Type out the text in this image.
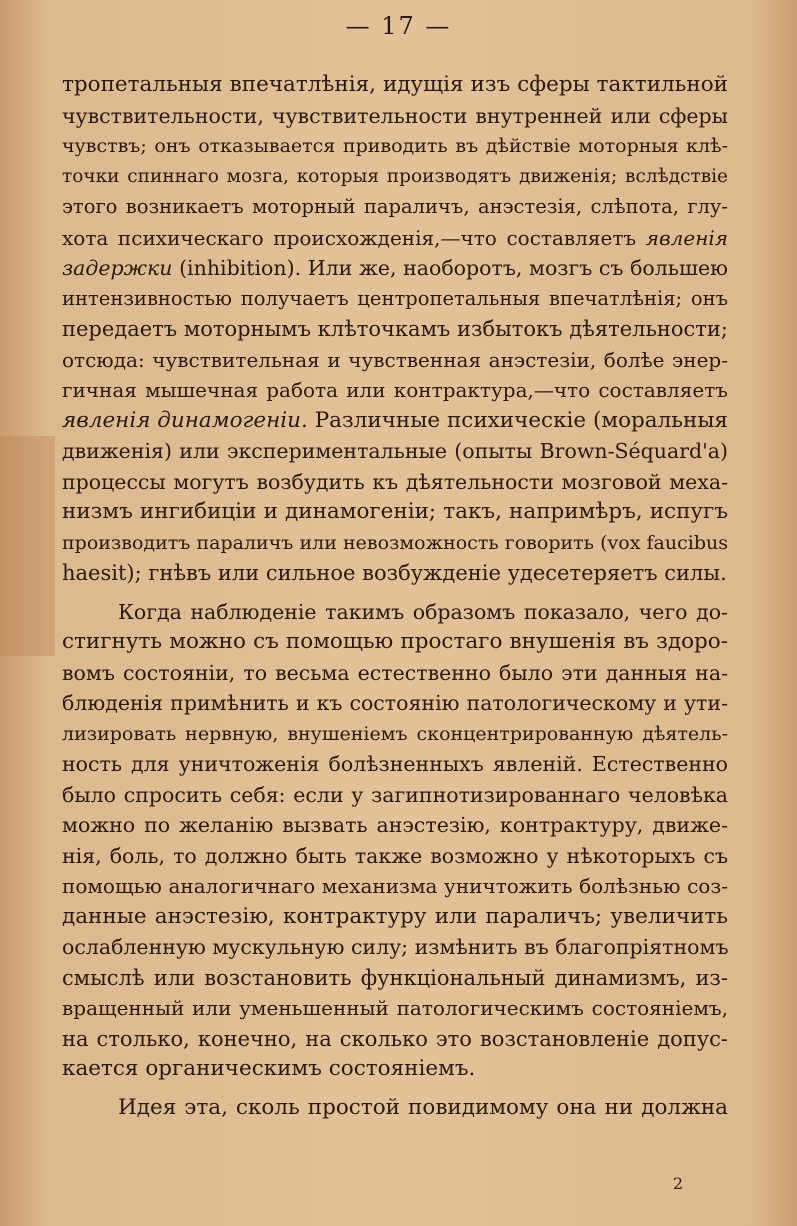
— 17 —
тропетальныя впечатлѣнія, идущія изъ сферы тактильной
чувствительности, чувствительности внутренней или сферы
чувствъ; онъ отказывается приводить въ дѣйствіе моторныя клѣ-
точки спиннаго мозга, которыя производятъ движенія; вслѣдствіе
этого возникаетъ моторный параличъ, анэстезія, слѣпота, глу-
хота психическаго происхожденія,—что составляетъ явленія
задержки (inhibition). Или же, наоборотъ, мозгъ съ большею
интензивностью получаетъ центропетальныя впечатлѣнія; онъ
передаетъ моторнымъ клѣточкамъ избытокъ дѣятельности;
отсюда: чувствительная и чувственная анэстезіи, болѣе энер-
гичная мышечная работа или контрактура,—что составляетъ
явленія динамогеніи. Различные психическіе (моральныя
движенія) или экспериментальные (опыты Brown-Séquard'а)
процессы могутъ возбудить къ дѣятельности мозговой меха-
низмъ ингибиціи и динамогеніи; такъ, напримѣръ, испугъ
производитъ параличъ или невозможность говорить (vox faucibus
haesit); гнѣвъ или сильное возбужденіе удесетеряетъ силы.
Когда наблюденіе такимъ образомъ показало, чего до-
стигнуть можно съ помощью простаго внушенія въ здоро-
вомъ состояніи, то весьма естественно было эти данныя на-
блюденія примѣнить и къ состоянію патологическому и ути-
лизировать нервную, внушеніемъ сконцентрированную дѣятель-
ность для уничтоженія болѣзненныхъ явленій. Естественно
было спросить себя: если у загипнотизированнаго человѣка
можно по желанію вызвать анэстезію, контрактуру, движе-
нія, боль, то должно быть также возможно у нѣкоторыхъ съ
помощью аналогичнаго механизма уничтожить болѣзнью соз-
данные анэстезію, контрактуру или параличъ; увеличить
ослабленную мускульную силу; измѣнить въ благопріятномъ
смыслѣ или возстановить функціональный динамизмъ, из-
вращенный или уменьшенный патологическимъ состояніемъ,
на столько, конечно, на сколько это возстановленіе допус-
кается органическимъ состояніемъ.
Идея эта, сколь простой повидимому она ни должна
2
